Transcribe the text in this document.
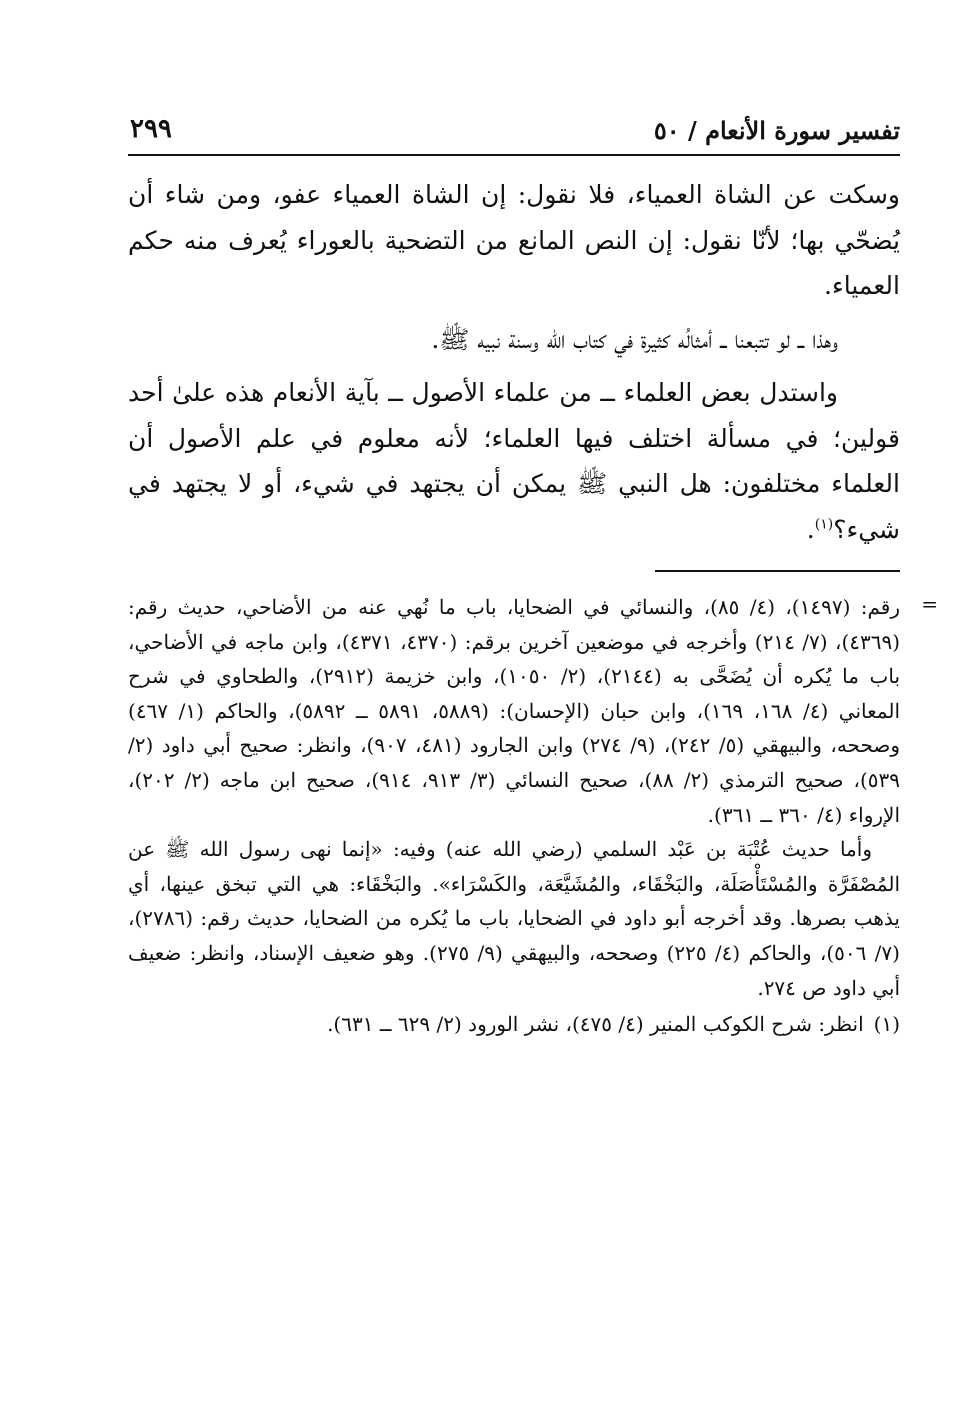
تفسير سورة الأنعام / ٥٠
٢٩٩

وسكت عن الشاة العمياء، فلا نقول: إن الشاة العمياء عفو، ومن شاء أن يُضحّي بها؛ لأنّا نقول: إن النص المانع من التضحية بالعوراء يُعرف منه حكم العمياء.

وهذا ــ لو تتبعنا ــ أمثالُه كثيرة في كتاب الله وسنة نبيه ﷺ.

واستدل بعض العلماء ــ من علماء الأصول ــ بآية الأنعام هذه علىٰ أحد قولين؛ في مسألة اختلف فيها العلماء؛ لأنه معلوم في علم الأصول أن العلماء مختلفون: هل النبي ﷺ يمكن أن يجتهد في شيء، أو لا يجتهد في شيء؟$^{(١)}$.

=

رقم: (١٤٩٧)، (٤/ ٨٥)، والنسائي في الضحايا، باب ما نُهي عنه من الأضاحي، حديث رقم: (٤٣٦٩)، (٧/ ٢١٤) وأخرجه في موضعين آخرين برقم: (٤٣٧٠، ٤٣٧١)، وابن ماجه في الأضاحي، باب ما يُكره أن يُضَحَّى به (٢١٤٤)، (٢/ ١٠٥٠)، وابن خزيمة (٢٩١٢)، والطحاوي في شرح المعاني (٤/ ١٦٨، ١٦٩)، وابن حبان (الإحسان): (٥٨٨٩، ٥٨٩١ ــ ٥٨٩٢)، والحاكم (١/ ٤٦٧) وصححه، والبيهقي (٥/ ٢٤٢)، (٩/ ٢٧٤) وابن الجارود (٤٨١، ٩٠٧)، وانظر: صحيح أبي داود (٢/ ٥٣٩)، صحيح الترمذي (٢/ ٨٨)، صحيح النسائي (٣/ ٩١٣، ٩١٤)، صحيح ابن ماجه (٢/ ٢٠٢)، الإرواء (٤/ ٣٦٠ ــ ٣٦١).

وأما حديث عُتْبَة بن عَبْد السلمي (رضي الله عنه) وفيه: «إنما نهى رسول الله ﷺ عن المُصْفَرَّة والمُسْتَأْصَلَة، والبَخْقَاء، والمُشَيَّعَة، والكَسْرَاء». والبَخْقَاء: هي التي تبخق عينها، أي يذهب بصرها. وقد أخرجه أبو داود في الضحايا، باب ما يُكره من الضحايا، حديث رقم: (٢٧٨٦)، (٧/ ٥٠٦)، والحاكم (٤/ ٢٢٥) وصححه، والبيهقي (٩/ ٢٧٥). وهو ضعيف الإسناد، وانظر: ضعيف أبي داود ص ٢٧٤.

(١)
انظر: شرح الكوكب المنير (٤/ ٤٧٥)، نشر الورود (٢/ ٦٢٩ ــ ٦٣١).
